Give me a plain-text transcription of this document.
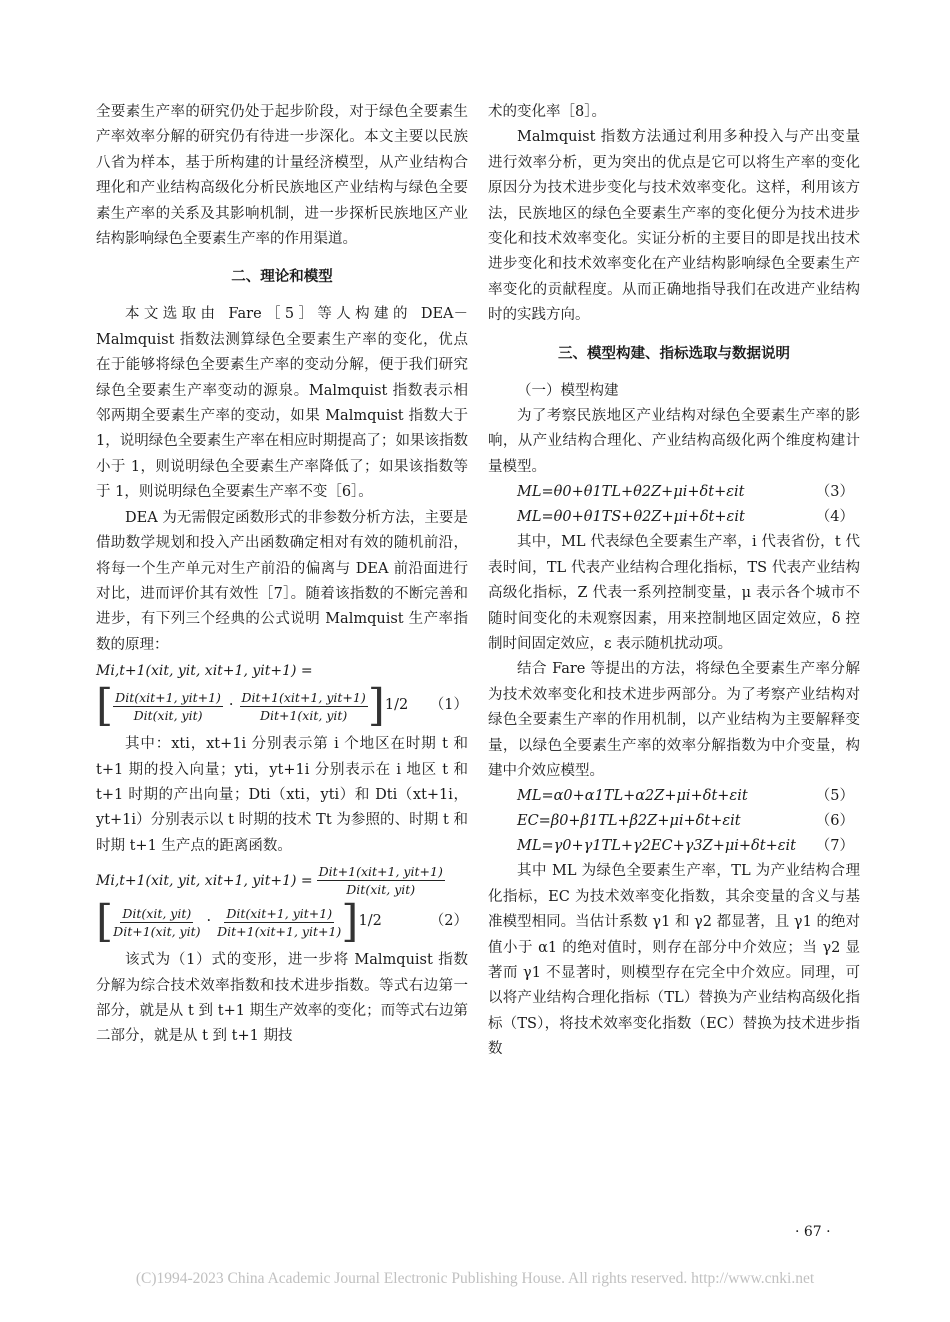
全要素生产率的研究仍处于起步阶段，对于绿色全要素生产率效率分解的研究仍有待进一步深化。本文主要以民族八省为样本，基于所构建的计量经济模型，从产业结构合理化和产业结构高级化分析民族地区产业结构与绿色全要素生产率的关系及其影响机制，进一步探析民族地区产业结构影响绿色全要素生产率的作用渠道。

二、理论和模型

本文选取由 Fare［5］等人构建的 DEA－Malmquist 指数法测算绿色全要素生产率的变化，优点在于能够将绿色全要素生产率的变动分解，便于我们研究绿色全要素生产率变动的源泉。Malmquist 指数表示相邻两期全要素生产率的变动，如果 Malmquist 指数大于 1，说明绿色全要素生产率在相应时期提高了；如果该指数小于 1，则说明绿色全要素生产率降低了；如果该指数等于 1，则说明绿色全要素生产率不变［6］。

DEA 为无需假定函数形式的非参数分析方法，主要是借助数学规划和投入产出函数确定相对有效的随机前沿，将每一个生产单元对生产前沿的偏离与 DEA 前沿面进行对比，进而评价其有效性［7］。随着该指数的不断完善和进步，有下列三个经典的公式说明 Malmquist 生产率指数的原理：

Mi,t+1(xit, yit, xit+1, yit+1) =
[ $\frac{\text{Dit(xit+1, yit+1)}}{\text{Dit(xit, yit)}} \cdot \frac{\text{Dit+1(xit+1, yit+1)}}{\text{Dit+1(xit, yit)}}$ ] 1/2 （1）

其中：xti，xt+1i 分别表示第 i 个地区在时期 t 和 t+1 期的投入向量；yti，yt+1i 分别表示在 i 地区 t 和 t+1 时期的产出向量；Dti（xti，yti）和 Dti（xt+1i，yt+1i）分别表示以 t 时期的技术 Tt 为参照的、时期 t 和时期 t+1 生产点的距离函数。

Mi,t+1(xit, yit, xit+1, $yit+1) = \frac{\text{Dit+1(xit+1, yit+1)}}{\text{Dit(xit, yit)}}$
[ $\frac{\text{Dit(xit, yit)}}{\text{Dit+1(xit, yit)}} \cdot \frac{\text{Dit(xit+1, yit+1)}}{\text{Dit+1(xit+1, yit+1)}}$ ] 1/2	（2）

该式为（1）式的变形，进一步将 Malmquist 指数分解为综合技术效率指数和技术进步指数。等式右边第一部分，就是从 t 到 t+1 期生产效率的变化；而等式右边第二部分，就是从 t 到 t+1 期技

术的变化率［8］。

Malmquist 指数方法通过利用多种投入与产出变量进行效率分析，更为突出的优点是它可以将生产率的变化原因分为技术进步变化与技术效率变化。这样，利用该方法，民族地区的绿色全要素生产率的变化便分为技术进步变化和技术效率变化。实证分析的主要目的即是找出技术进步变化和技术效率变化在产业结构影响绿色全要素生产率变化的贡献程度。从而正确地指导我们在改进产业结构时的实践方向。

三、模型构建、指标选取与数据说明

（一）模型构建

为了考察民族地区产业结构对绿色全要素生产率的影响，从产业结构合理化、产业结构高级化两个维度构建计量模型。

ML=θ0+θ1TL+θ2Z+μi+δt+εit	（3）
ML=θ0+θ1TS+θ2Z+μi+δt+εit	（4）

其中，ML 代表绿色全要素生产率，i 代表省份，t 代表时间，TL 代表产业结构合理化指标，TS 代表产业结构高级化指标，Z 代表一系列控制变量，μ 表示各个城市不随时间变化的未观察因素，用来控制地区固定效应，δ 控制时间固定效应，ε 表示随机扰动项。

结合 Fare 等提出的方法，将绿色全要素生产率分解为技术效率变化和技术进步两部分。为了考察产业结构对绿色全要素生产率的作用机制，以产业结构为主要解释变量，以绿色全要素生产率的效率分解指数为中介变量，构建中介效应模型。

ML=α0+α1TL+α2Z+μi+δt+εit	（5）
EC=β0+β1TL+β2Z+μi+δt+εit	（6）
ML=γ0+γ1TL+γ2EC+γ3Z+μi+δt+εit （7）

其中 ML 为绿色全要素生产率，TL 为产业结构合理化指标，EC 为技术效率变化指数，其余变量的含义与基准模型相同。当估计系数 γ1 和 γ2 都显著，且 γ1 的绝对值小于 α1 的绝对值时，则存在部分中介效应；当 γ2 显著而 γ1 不显著时，则模型存在完全中介效应。同理，可以将产业结构合理化指标（TL）替换为产业结构高级化指标（TS），将技术效率变化指数（EC）替换为技术进步指数

· 67 ·
(C)1994-2023 China Academic Journal Electronic Publishing House. All rights reserved. http://www.cnki.net
